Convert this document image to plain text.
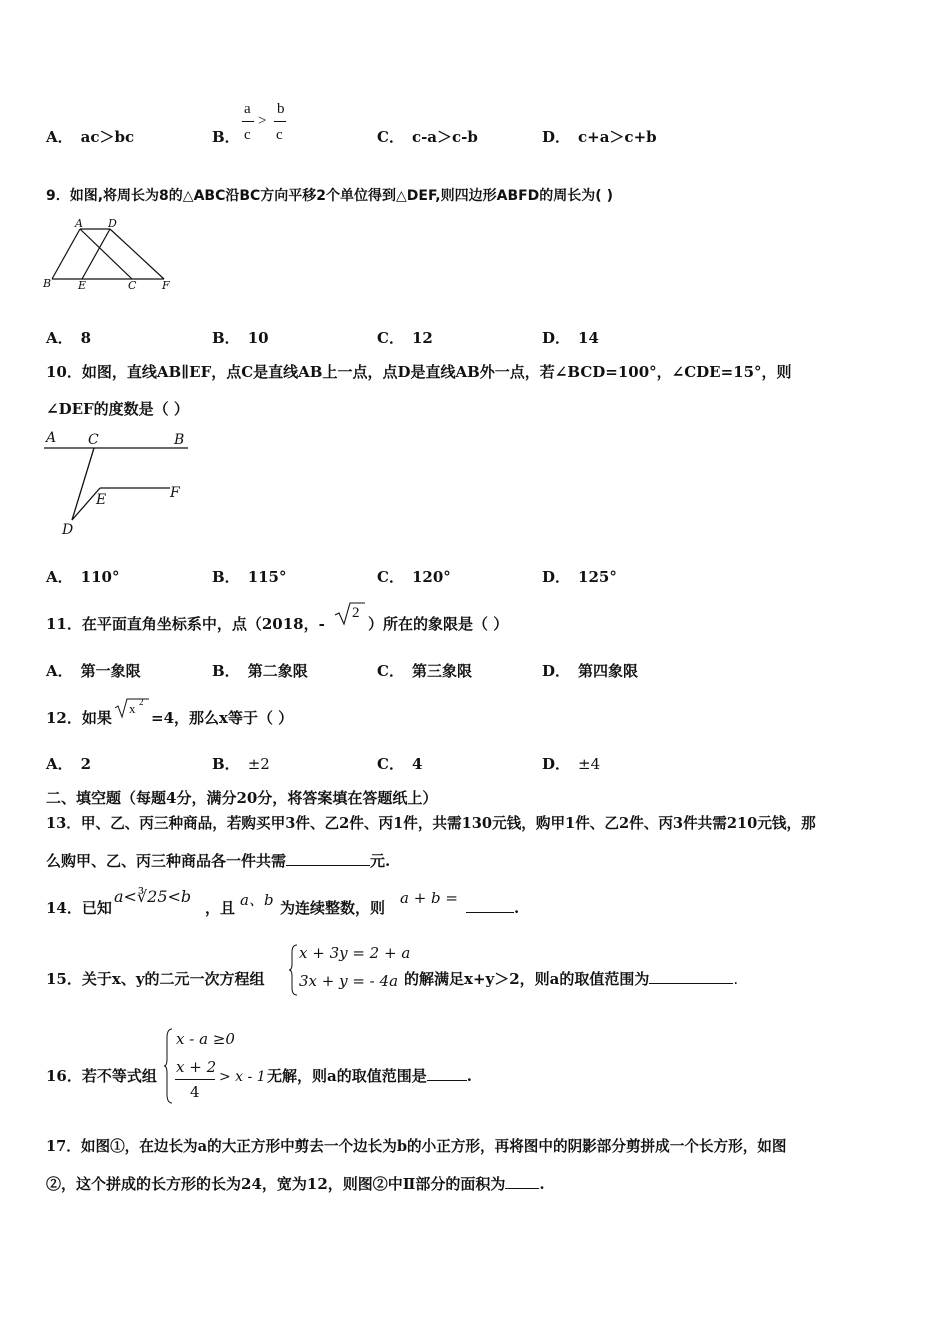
A． ac＞bc	B．
a
c
>
b
c	C． c-a＞c-b	D． c+a＞c+b
9．如图,将周长为8的△ABC沿BC方向平移2个单位得到△DEF,则四边形ABFD的周长为( )
A D
B E	C F
A． 8	B． 10	C． 12	D． 14
10．如图，直线AB∥EF，点C是直线AB上一点，点D是直线AB外一点，若∠BCD=100°，∠CDE=15°，则
∠DEF的度数是（ ）
A C	B
E	F
D
A． 110°	B． 115°	C． 120°	D． 125°
11．在平面直角坐标系中，点（2018，-
2
）所在的象限是（ ）
A． 第一象限	B． 第二象限	C． 第三象限	D． 第四象限
12．如果
x 2
=4，那么x等于（ ）
A． 2	B． ±2	C． 4	D． ±4
二、填空题（每题4分，满分20分，将答案填在答题纸上）
13．甲、乙、丙三种商品，若购买甲3件、乙2件、丙1件，共需130元钱，购甲1件、乙2件、丙3件共需210元钱，那
么购甲、乙、丙三种商品各一件共需	元.
14．已知
a<∛25<b
，且 a、b 为连续整数，则
a + b =
.
15．关于x、y的二元一次方程组
x + 3y = 2 + a
3x + y = - 4a 的解满足x+y＞2，则a的取值范围为	.
16．若不等式组
x - a ≥0
x + 2
4
> x - 1 无解，则a的取值范围是	.
17．如图①，在边长为a的大正方形中剪去一个边长为b的小正方形，再将图中的阴影部分剪拼成一个长方形，如图
②，这个拼成的长方形的长为24，宽为12，则图②中Ⅱ部分的面积为 .
